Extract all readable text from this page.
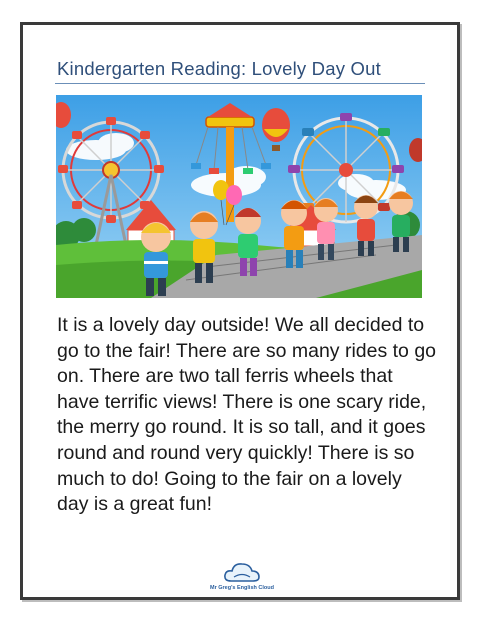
Kindergarten Reading: Lovely Day Out
It is a lovely day outside! We all decided to go to the fair! There are so many rides to go on. There are two tall ferris wheels that have terrific views! There is one scary ride, the merry go round. It is so tall, and it goes round and round very quickly! There is so much to do! Going to the fair on a lovely day is a great fun!
Mr Greg's English Cloud
